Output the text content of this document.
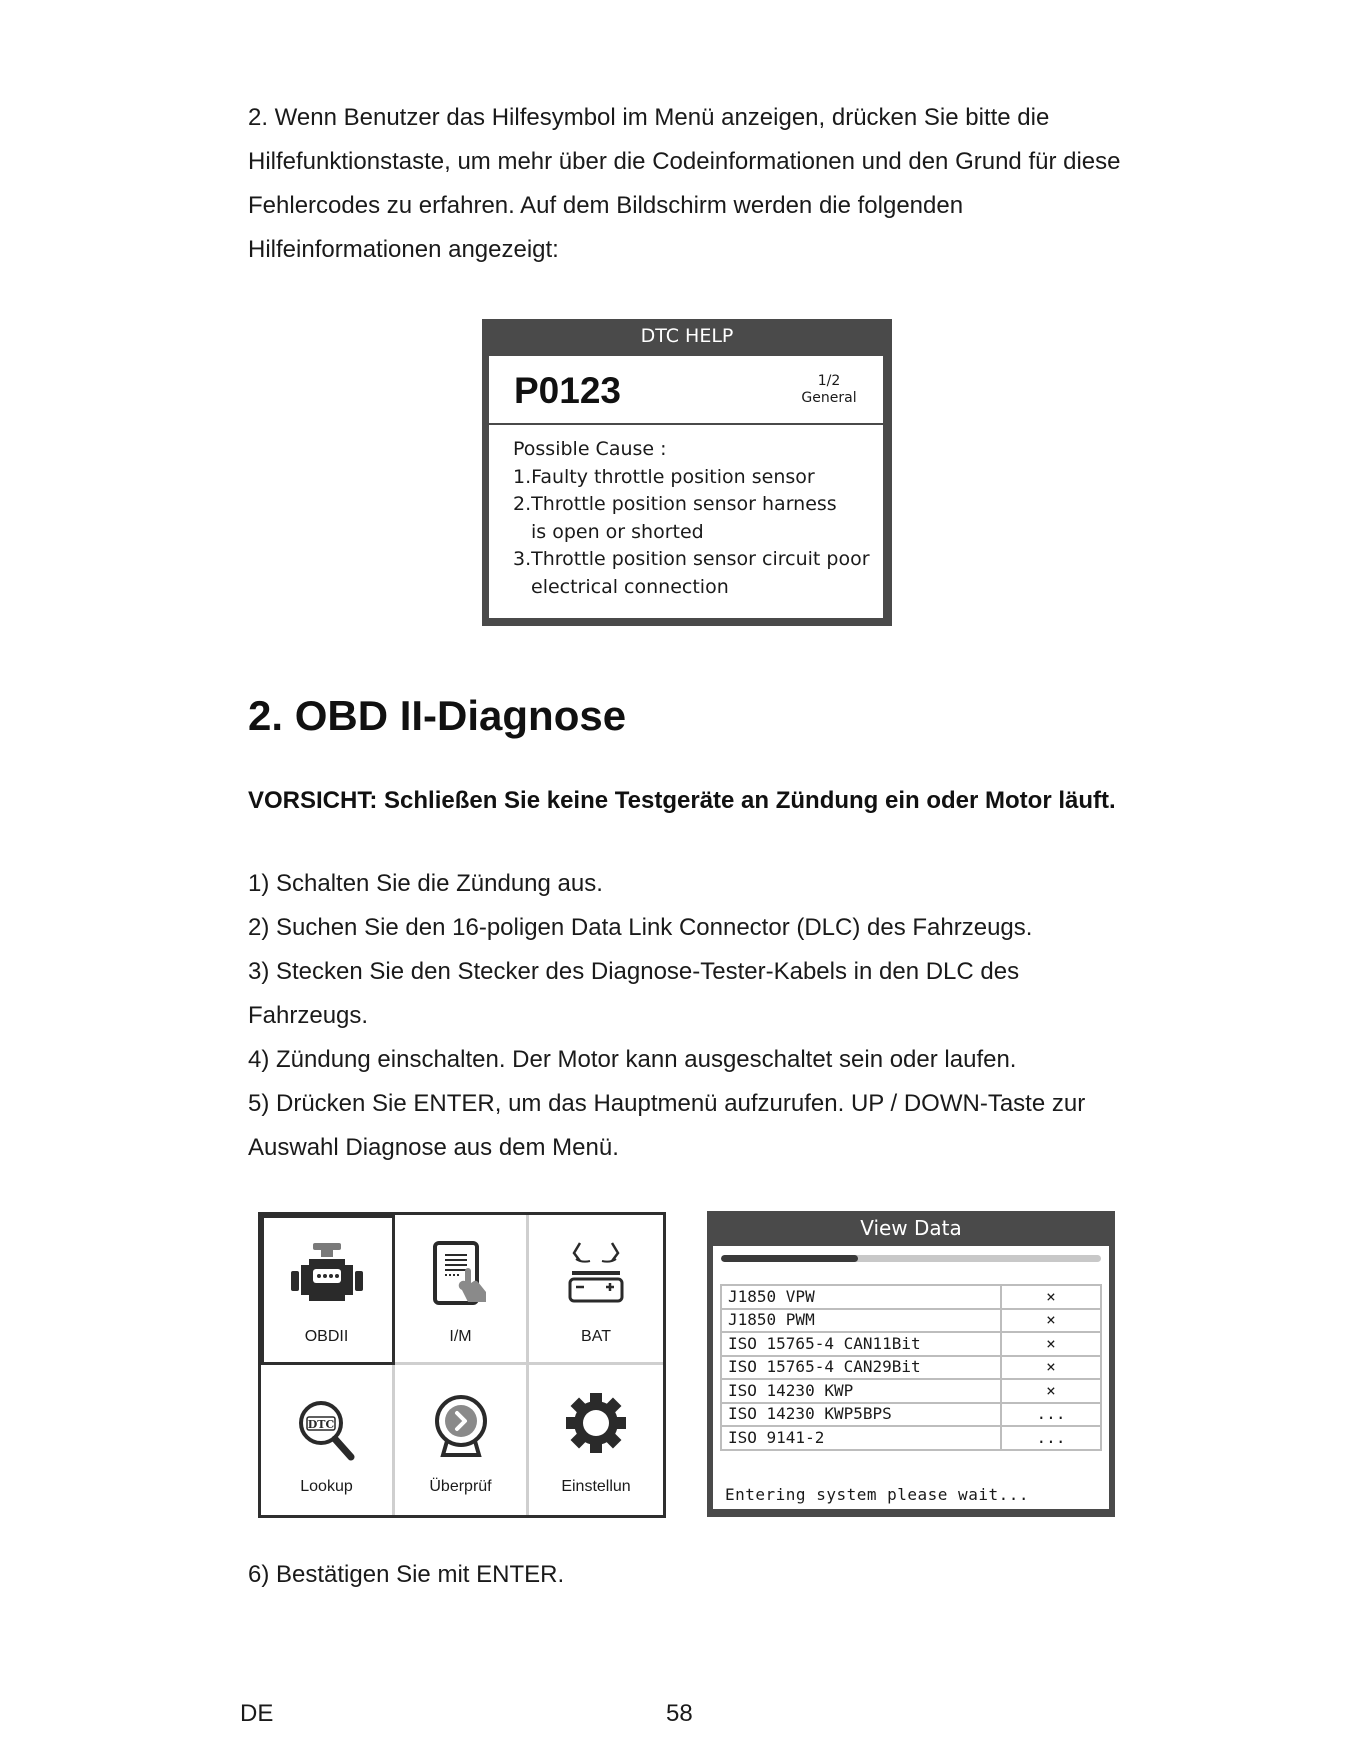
2. Wenn Benutzer das Hilfesymbol im Menü anzeigen, drücken Sie bitte die Hilfefunktionstaste, um mehr über die Codeinformationen und den Grund für diese Fehlercodes zu erfahren. Auf dem Bildschirm werden die folgenden Hilfeinformationen angezeigt:

DTC HELP
P0123	1/2
General
Possible Cause :
1.Faulty throttle position sensor
2.Throttle position sensor harness
is open or shorted
3.Throttle position sensor circuit poor
electrical connection
2. OBD II-Diagnose

VORSICHT: Schließen Sie keine Testgeräte an Zündung ein oder Motor läuft.

1) Schalten Sie die Zündung aus.
2) Suchen Sie den 16-poligen Data Link Connector (DLC) des Fahrzeugs.
3) Stecken Sie den Stecker des Diagnose-Tester-Kabels in den DLC des Fahrzeugs.
4) Zündung einschalten. Der Motor kann ausgeschaltet sein oder laufen.
5) Drücken Sie ENTER, um das Hauptmenü aufzurufen. UP / DOWN-Taste zur Auswahl Diagnose aus dem Menü.
OBDII	I/M	BAT
DTC
Lookup	Überprüf	Einstellun
View Data
J1850 VPW	×
J1850 PWM	×
ISO 15765-4 CAN11Bit	×
ISO 15765-4 CAN29Bit	×
ISO 14230 KWP	×
ISO 14230 KWP5BPS	...
ISO 9141-2	...
Entering system please wait...

6) Bestätigen Sie mit ENTER.

DE	58
